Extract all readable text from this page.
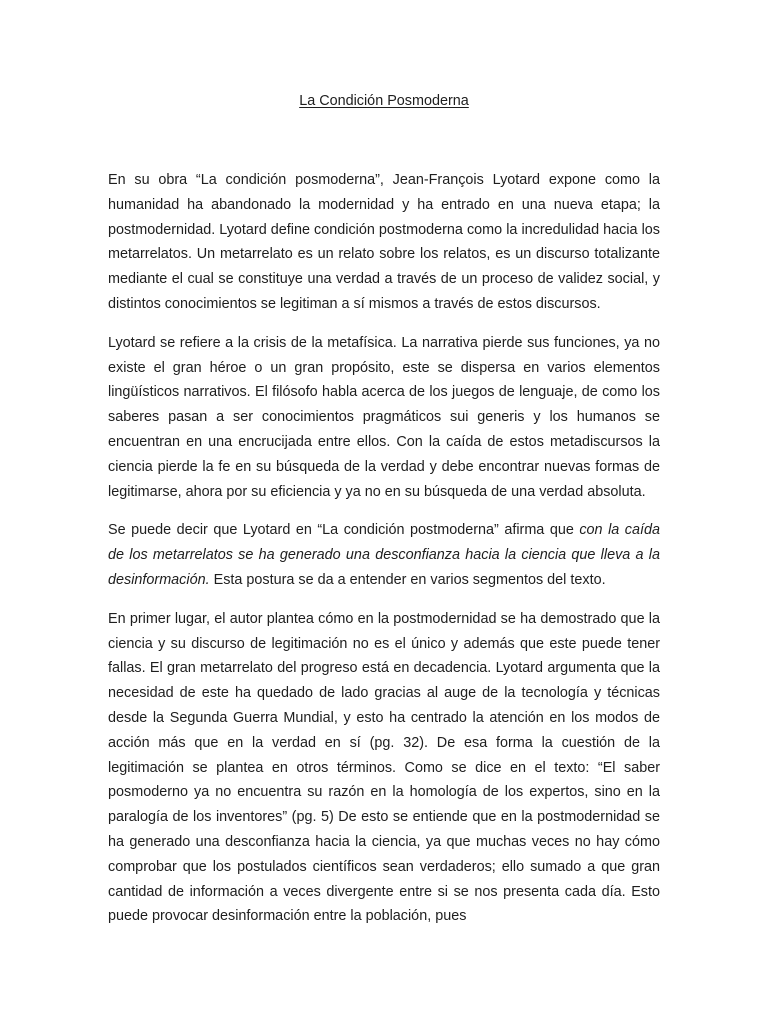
La Condición Posmoderna

En su obra “La condición posmoderna”, Jean-François Lyotard expone como la humanidad ha abandonado la modernidad y ha entrado en una nueva etapa; la postmodernidad. Lyotard define condición postmoderna como la incredulidad hacia los metarrelatos. Un metarrelato es un relato sobre los relatos, es un discurso totalizante mediante el cual se constituye una verdad a través de un proceso de validez social, y distintos conocimientos se legitiman a sí mismos a través de estos discursos.

Lyotard se refiere a la crisis de la metafísica. La narrativa pierde sus funciones, ya no existe el gran héroe o un gran propósito, este se dispersa en varios elementos lingüísticos narrativos. El filósofo habla acerca de los juegos de lenguaje, de como los saberes pasan a ser conocimientos pragmáticos sui generis y los humanos se encuentran en una encrucijada entre ellos. Con la caída de estos metadiscursos la ciencia pierde la fe en su búsqueda de la verdad y debe encontrar nuevas formas de legitimarse, ahora por su eficiencia y ya no en su búsqueda de una verdad absoluta.

Se puede decir que Lyotard en “La condición postmoderna” afirma que con la caída de los metarrelatos se ha generado una desconfianza hacia la ciencia que lleva a la desinformación. Esta postura se da a entender en varios segmentos del texto.

En primer lugar, el autor plantea cómo en la postmodernidad se ha demostrado que la ciencia y su discurso de legitimación no es el único y además que este puede tener fallas. El gran metarrelato del progreso está en decadencia. Lyotard argumenta que la necesidad de este ha quedado de lado gracias al auge de la tecnología y técnicas desde la Segunda Guerra Mundial, y esto ha centrado la atención en los modos de acción más que en la verdad en sí (pg. 32). De esa forma la cuestión de la legitimación se plantea en otros términos. Como se dice en el texto: “El saber posmoderno ya no encuentra su razón en la homología de los expertos, sino en la paralogía de los inventores” (pg. 5) De esto se entiende que en la postmodernidad se ha generado una desconfianza hacia la ciencia, ya que muchas veces no hay cómo comprobar que los postulados científicos sean verdaderos; ello sumado a que gran cantidad de información a veces divergente entre si se nos presenta cada día. Esto puede provocar desinformación entre la población, pues
